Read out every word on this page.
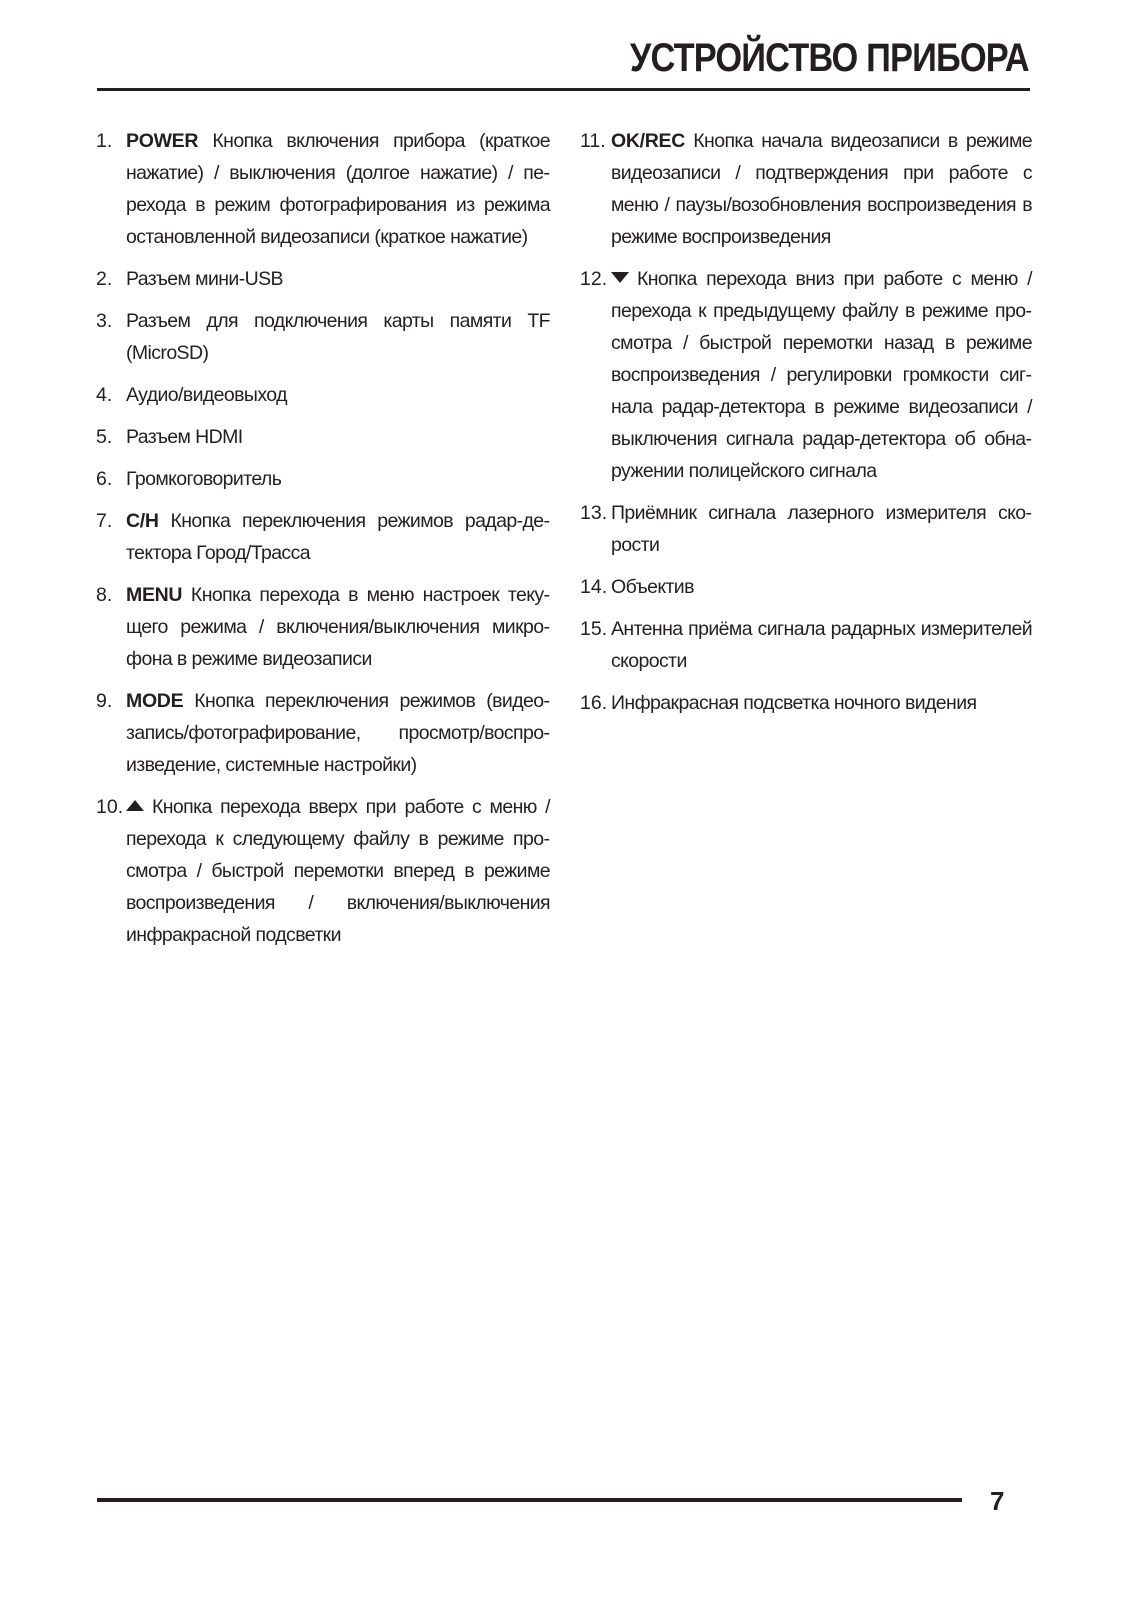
УСТРОЙСТВО ПРИБОРА
1. POWER Кнопка включения прибора (краткое нажатие) / выключения (долгое нажатие) / перехода в режим фотографирования из режима остановленной видеозаписи (краткое нажатие)
2. Разъем мини-USB
3. Разъем для подключения карты памяти TF (MicroSD)
4. Аудио/видеовыход
5. Разъем HDMI
6. Громкоговоритель
7. C/H Кнопка переключения режимов радар-детектора Город/Трасса
8. MENU Кнопка перехода в меню настроек текущего режима / включения/выключения микрофона в режиме видеозаписи
9. MODE Кнопка переключения режимов (видеозапись/фотографирование, просмотр/воспроизведение, системные настройки)
10.	Кнопка перехода вверх при работе с меню / перехода к следующему файлу в режиме просмотра / быстрой перемотки вперед в режиме воспроизведения / включения/выключения инфракрасной подсветки
11. OK/REC Кнопка начала видеозаписи в режиме видеозаписи / подтверждения при работе с меню / паузы/возобновления воспроизведения в режиме воспроизведения
12.	Кнопка перехода вниз при работе с меню / перехода к предыдущему файлу в режиме просмотра / быстрой перемотки назад в режиме воспроизведения / регулировки громкости сигнала радар-детектора в режиме видеозаписи / выключения сигнала радар-детектора об обнаружении полицейского сигнала
13. Приёмник сигнала лазерного измерителя скорости
14. Объектив
15. Антенна приёма сигнала радарных измерителей скорости
16. Инфракрасная подсветка ночного видения
7
